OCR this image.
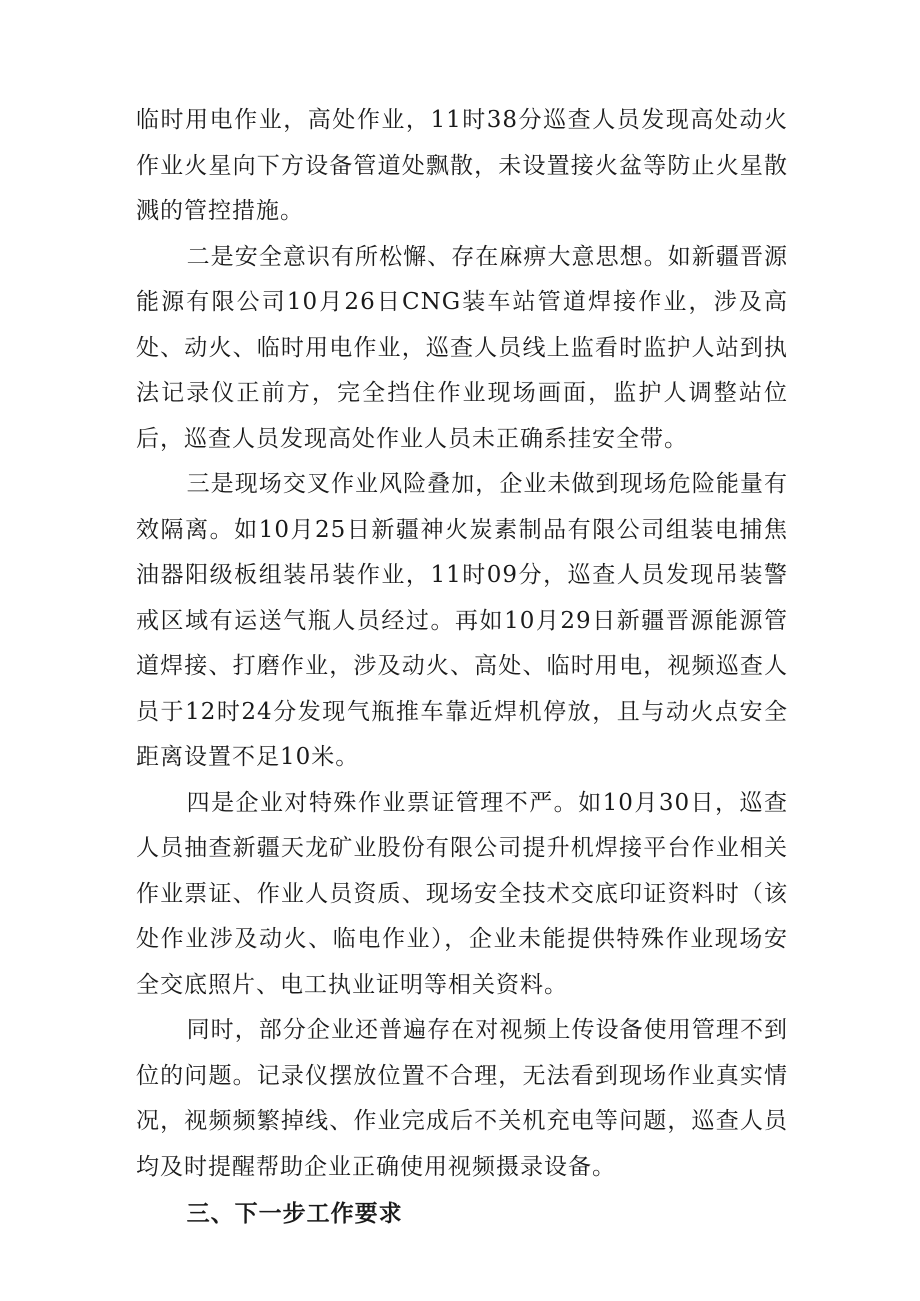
临时用电作业，高处作业，11时38分巡查人员发现高处动火作业火星向下方设备管道处飘散，未设置接火盆等防止火星散溅的管控措施。

二是安全意识有所松懈、存在麻痹大意思想。如新疆晋源能源有限公司10月26日CNG装车站管道焊接作业，涉及高处、动火、临时用电作业，巡查人员线上监看时监护人站到执法记录仪正前方，完全挡住作业现场画面，监护人调整站位后，巡查人员发现高处作业人员未正确系挂安全带。

三是现场交叉作业风险叠加，企业未做到现场危险能量有效隔离。如10月25日新疆神火炭素制品有限公司组装电捕焦油器阳级板组装吊装作业，11时09分，巡查人员发现吊装警戒区域有运送气瓶人员经过。再如10月29日新疆晋源能源管道焊接、打磨作业，涉及动火、高处、临时用电，视频巡查人员于12时24分发现气瓶推车靠近焊机停放，且与动火点安全距离设置不足10米。

四是企业对特殊作业票证管理不严。如10月30日，巡查人员抽查新疆天龙矿业股份有限公司提升机焊接平台作业相关作业票证、作业人员资质、现场安全技术交底印证资料时（该处作业涉及动火、临电作业），企业未能提供特殊作业现场安全交底照片、电工执业证明等相关资料。

同时，部分企业还普遍存在对视频上传设备使用管理不到位的问题。记录仪摆放位置不合理，无法看到现场作业真实情况，视频频繁掉线、作业完成后不关机充电等问题，巡查人员均及时提醒帮助企业正确使用视频摄录设备。

三、下一步工作要求
